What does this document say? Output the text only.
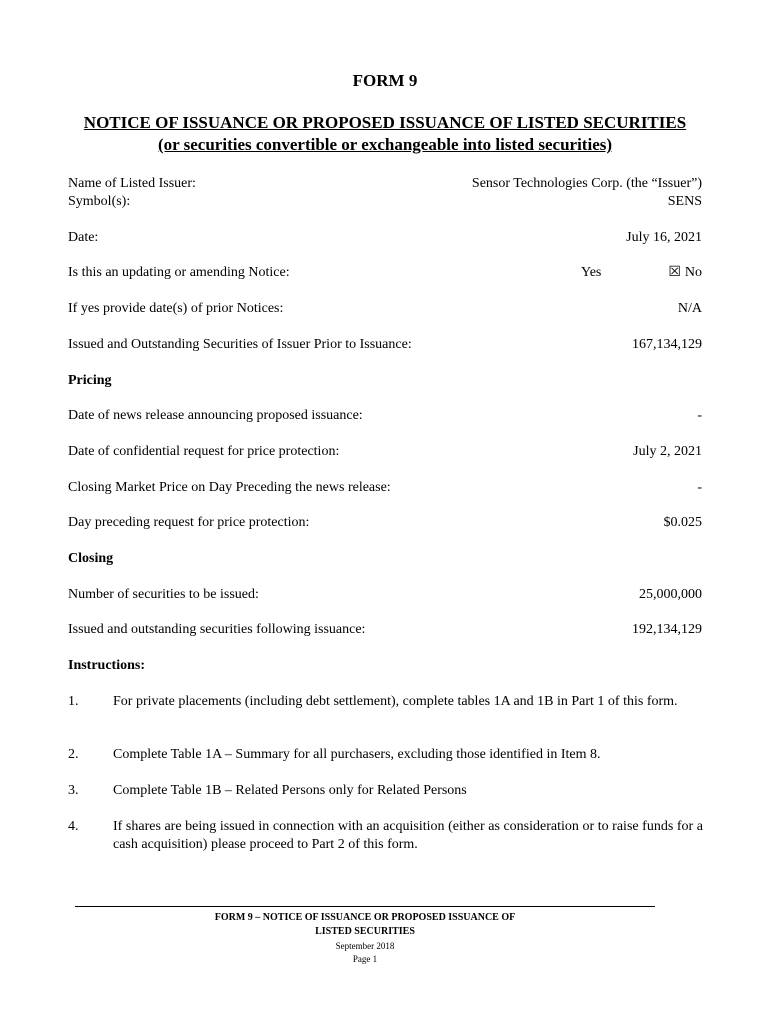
FORM 9
NOTICE OF ISSUANCE OR PROPOSED ISSUANCE OF LISTED SECURITIES
(or securities convertible or exchangeable into listed securities)
Name of Listed Issuer:	Sensor Technologies Corp. (the “Issuer”)
Symbol(s):	SENS
Date:	July 16, 2021
Is this an updating or amending Notice:	Yes	☒ No
If yes provide date(s) of prior Notices:	N/A
Issued and Outstanding Securities of Issuer Prior to Issuance:	167,134,129
Pricing
Date of news release announcing proposed issuance:	-
Date of confidential request for price protection:	July 2, 2021
Closing Market Price on Day Preceding the news release:	-
Day preceding request for price protection:	$0.025
Closing
Number of securities to be issued:	25,000,000
Issued and outstanding securities following issuance:	192,134,129
Instructions:
1. For private placements (including debt settlement), complete tables 1A and 1B in Part 1 of this form.
2. Complete Table 1A – Summary for all purchasers, excluding those identified in Item 8.
3. Complete Table 1B – Related Persons only for Related Persons
4. If shares are being issued in connection with an acquisition (either as consideration or to raise funds for a cash acquisition) please proceed to Part 2 of this form.
FORM 9 – NOTICE OF ISSUANCE OR PROPOSED ISSUANCE OF
LISTED SECURITIES
September 2018
Page 1
